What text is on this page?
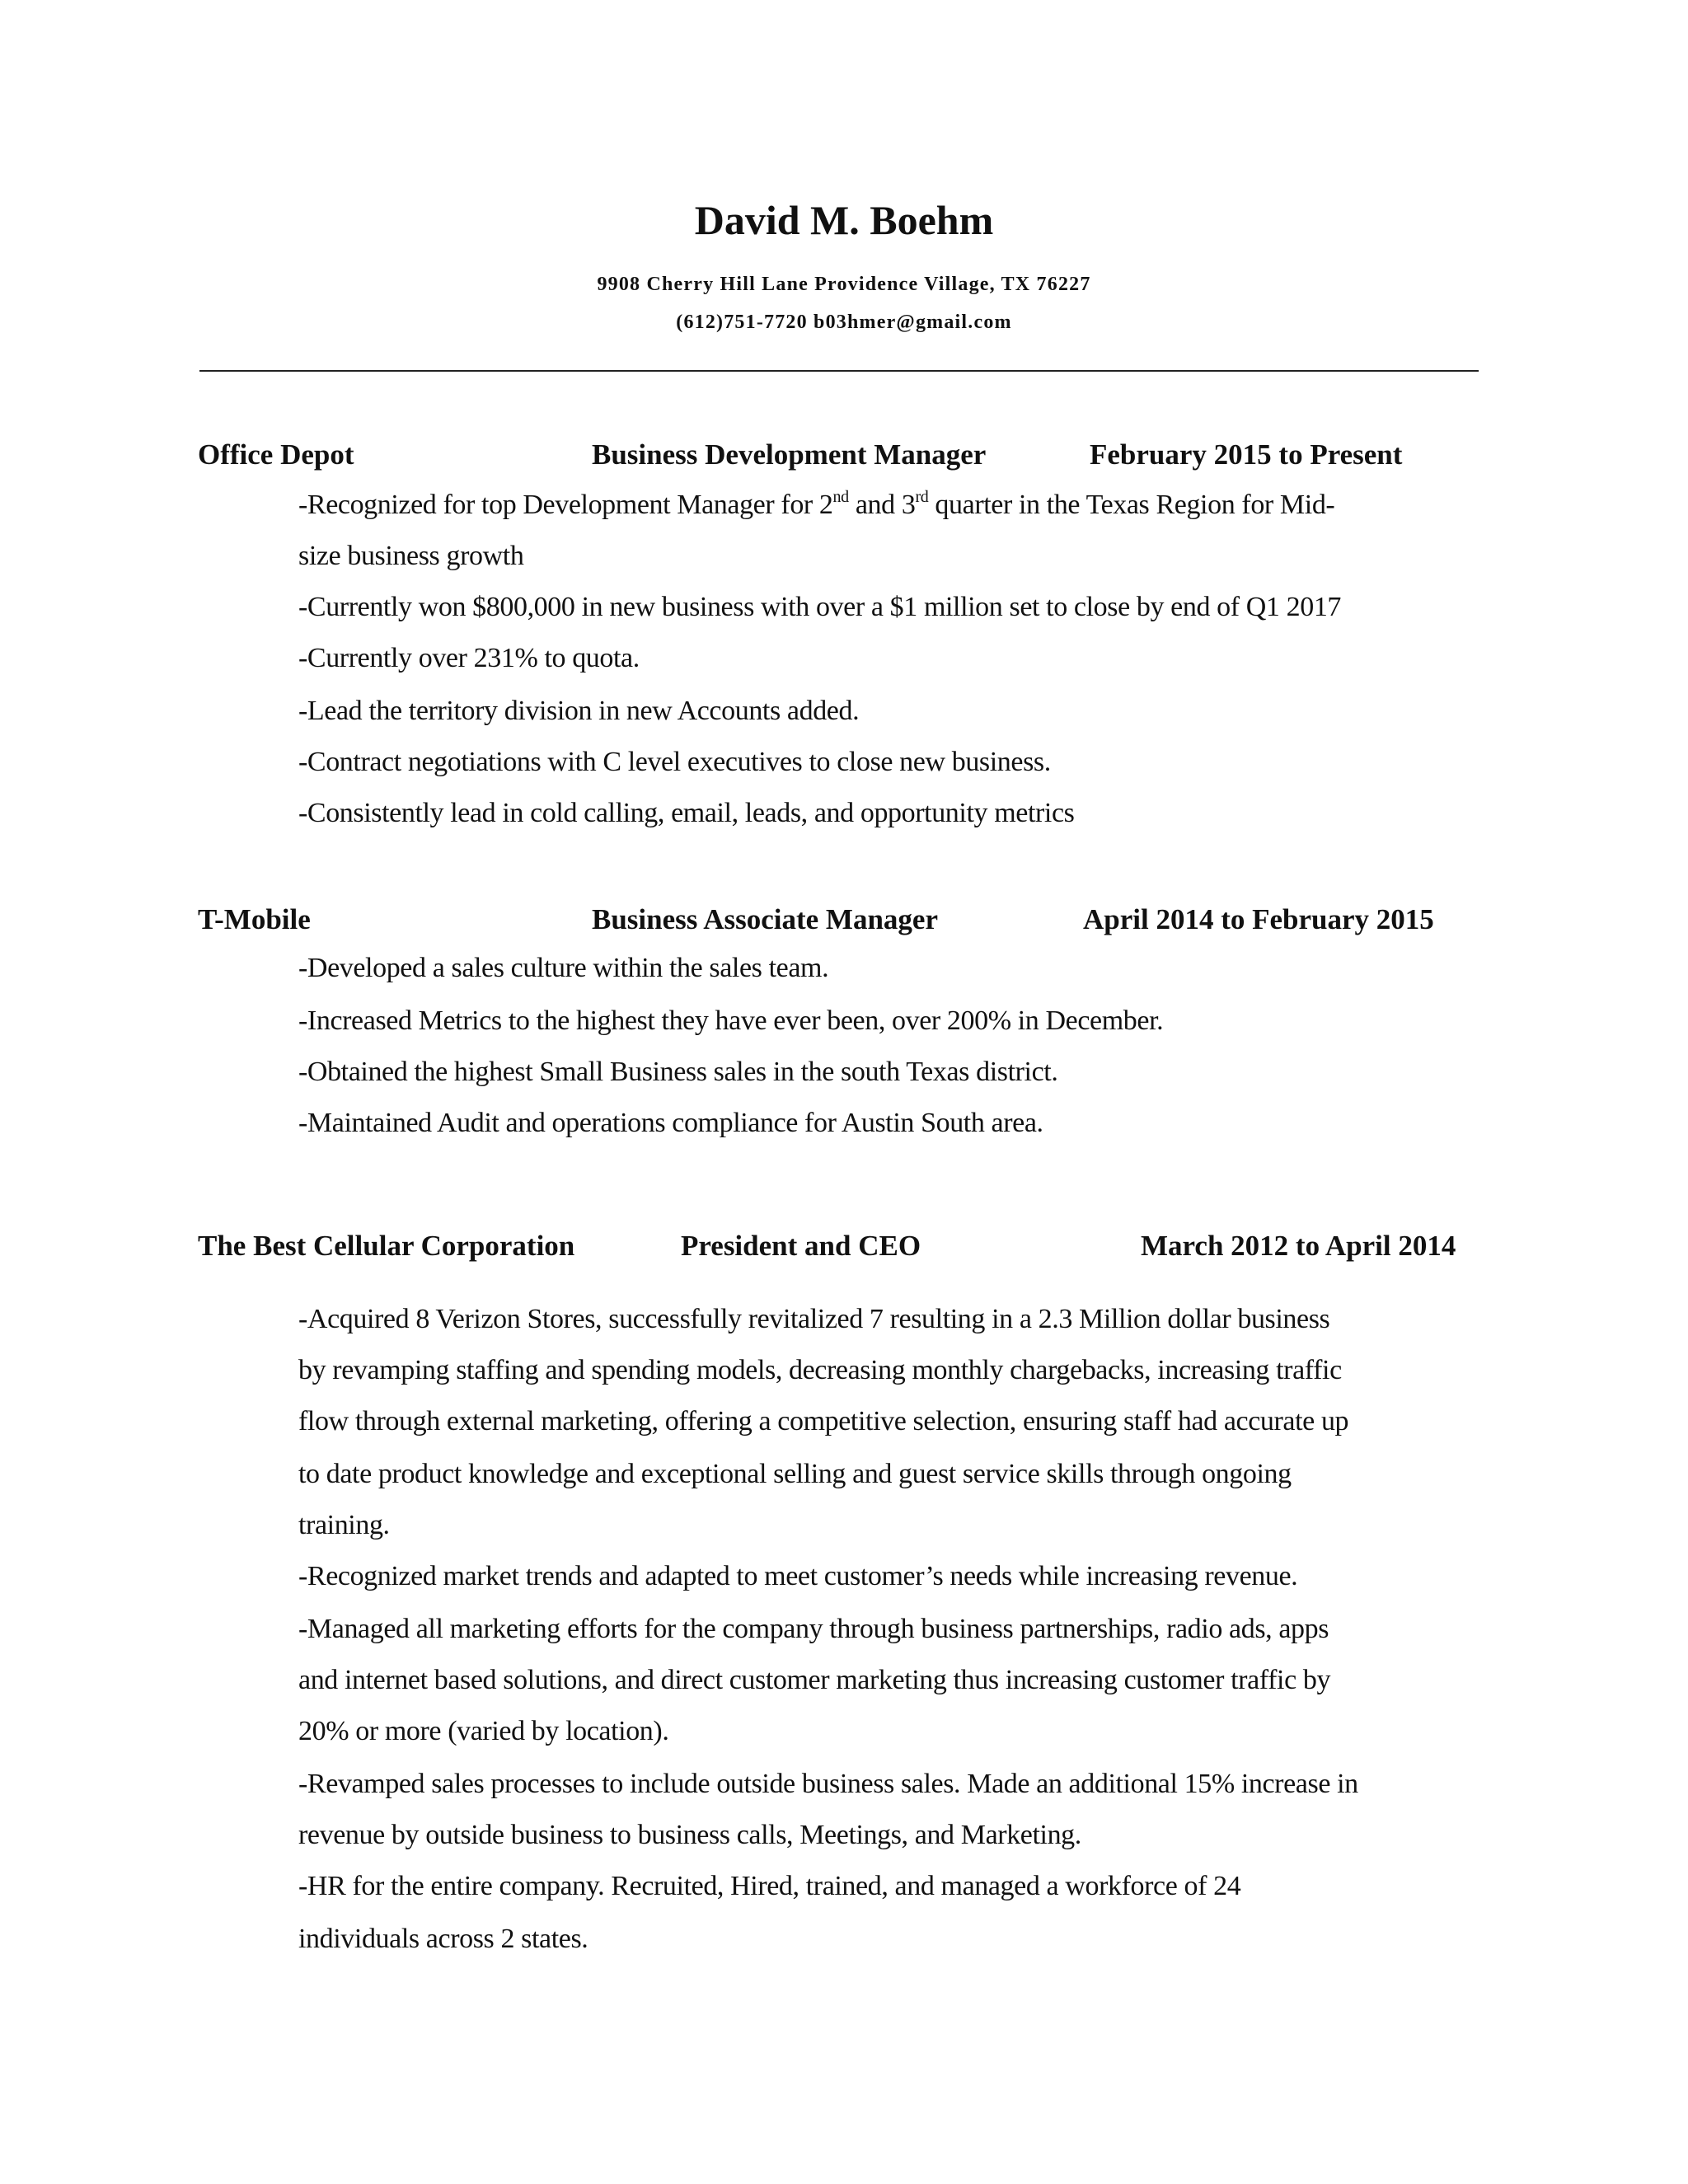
David M. Boehm
9908 Cherry Hill Lane Providence Village, TX 76227
(612)751-7720 b03hmer@gmail.com
Office Depot	Business Development Manager	February 2015 to Present
-Recognized for top Development Manager for 2nd and 3rd quarter in the Texas Region for Mid-
size business growth
-Currently won $800,000 in new business with over a $1 million set to close by end of Q1 2017
-Currently over 231% to quota.
-Lead the territory division in new Accounts added.
-Contract negotiations with C level executives to close new business.
-Consistently lead in cold calling, email, leads, and opportunity metrics
T-Mobile	Business Associate Manager	April 2014 to February 2015
-Developed a sales culture within the sales team.
-Increased Metrics to the highest they have ever been, over 200% in December.
-Obtained the highest Small Business sales in the south Texas district.
-Maintained Audit and operations compliance for Austin South area.
The Best Cellular Corporation	President and CEO	March 2012 to April 2014
-Acquired 8 Verizon Stores, successfully revitalized 7 resulting in a 2.3 Million dollar business
by revamping staffing and spending models, decreasing monthly chargebacks, increasing traffic
flow through external marketing, offering a competitive selection, ensuring staff had accurate up
to date product knowledge and exceptional selling and guest service skills through ongoing
training.
-Recognized market trends and adapted to meet customer’s needs while increasing revenue.
-Managed all marketing efforts for the company through business partnerships, radio ads, apps
and internet based solutions, and direct customer marketing thus increasing customer traffic by
20% or more (varied by location).
-Revamped sales processes to include outside business sales. Made an additional 15% increase in
revenue by outside business to business calls, Meetings, and Marketing.
-HR for the entire company. Recruited, Hired, trained, and managed a workforce of 24
individuals across 2 states.
